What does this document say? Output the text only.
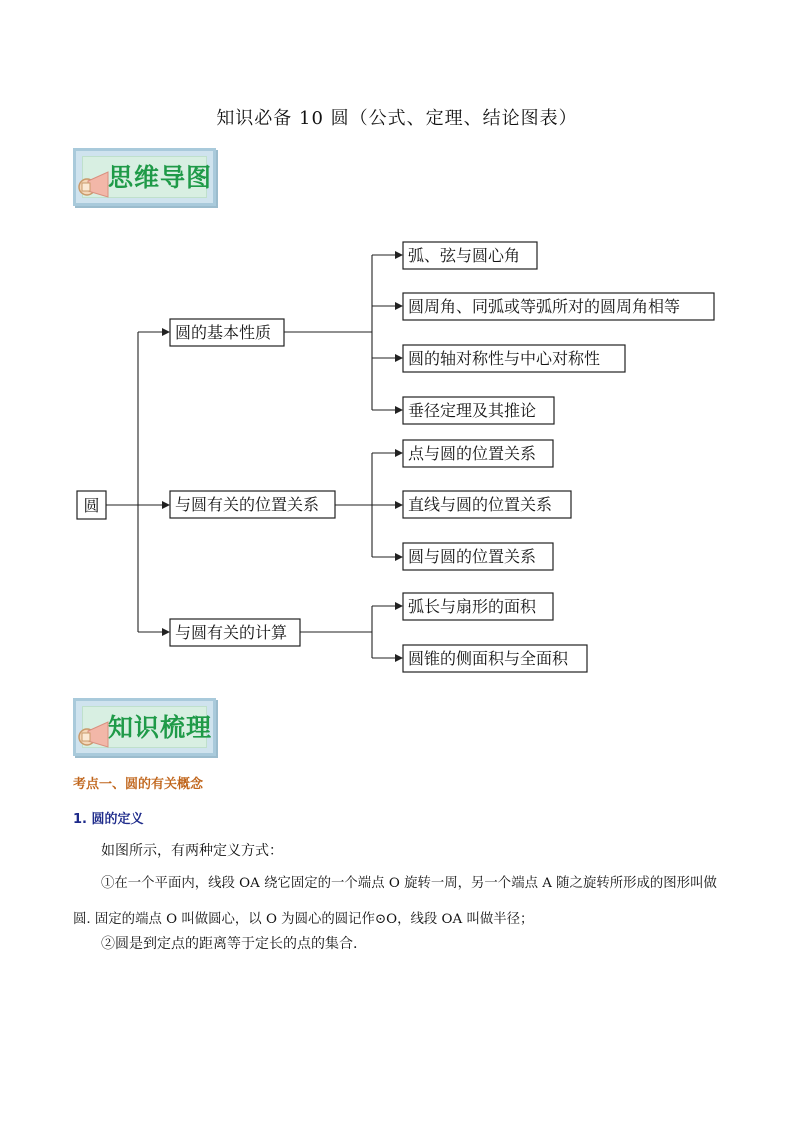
知识必备 10 圆（公式、定理、结论图表）
思维导图
圆
圆的基本性质
与圆有关的位置关系
与圆有关的计算
弧、弦与圆心角
圆周角、同弧或等弧所对的圆周角相等
圆的轴对称性与中心对称性
垂径定理及其推论
点与圆的位置关系
直线与圆的位置关系
圆与圆的位置关系
弧长与扇形的面积
圆锥的侧面积与全面积
知识梳理
考点一、圆的有关概念
1. 圆的定义
如图所示，有两种定义方式：
①在一个平面内，线段 OA 绕它固定的一个端点 O 旋转一周，另一个端点 A 随之旋转所形成的图形叫做
圆. 固定的端点 O 叫做圆心，以 O 为圆心的圆记作⊙O，线段 OA 叫做半径；
②圆是到定点的距离等于定长的点的集合.
